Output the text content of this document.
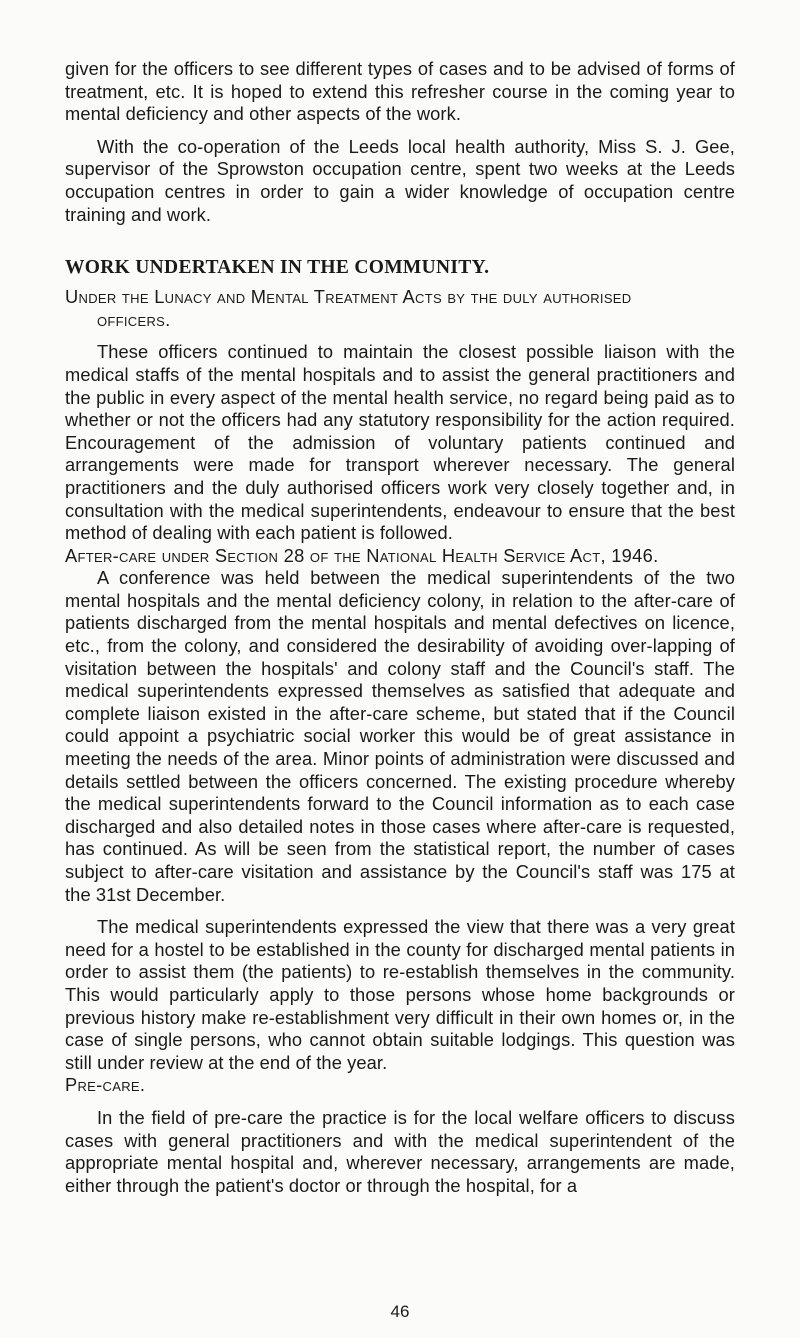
given for the officers to see different types of cases and to be advised of forms of treatment, etc. It is hoped to extend this refresher course in the coming year to mental deficiency and other aspects of the work.

With the co-operation of the Leeds local health authority, Miss S. J. Gee, supervisor of the Sprowston occupation centre, spent two weeks at the Leeds occupation centres in order to gain a wider knowledge of occupation centre training and work.

WORK UNDERTAKEN IN THE COMMUNITY.
Under the Lunacy and Mental Treatment Acts by the duly authorised
officers.

These officers continued to maintain the closest possible liaison with the medical staffs of the mental hospitals and to assist the general practitioners and the public in every aspect of the mental health service, no regard being paid as to whether or not the officers had any statutory responsibility for the action required. Encouragement of the admission of voluntary patients continued and arrangements were made for transport wherever necessary. The general practitioners and the duly authorised officers work very closely together and, in consultation with the medical superintendents, endeavour to ensure that the best method of dealing with each patient is followed.

After-care under Section 28 of the National Health Service Act, 1946.

A conference was held between the medical superintendents of the two mental hospitals and the mental deficiency colony, in relation to the after-care of patients discharged from the mental hospitals and mental defectives on licence, etc., from the colony, and considered the desirability of avoiding over-lapping of visitation between the hospitals' and colony staff and the Council's staff. The medical superintendents expressed themselves as satisfied that adequate and complete liaison existed in the after-care scheme, but stated that if the Council could appoint a psychiatric social worker this would be of great assistance in meeting the needs of the area. Minor points of administration were discussed and details settled between the officers concerned. The existing procedure whereby the medical superintendents forward to the Council information as to each case discharged and also detailed notes in those cases where after-care is requested, has continued. As will be seen from the statistical report, the number of cases subject to after-care visitation and assistance by the Council's staff was 175 at the 31st December.

The medical superintendents expressed the view that there was a very great need for a hostel to be established in the county for discharged mental patients in order to assist them (the patients) to re-establish themselves in the community. This would particularly apply to those persons whose home backgrounds or previous history make re-establishment very difficult in their own homes or, in the case of single persons, who cannot obtain suitable lodgings. This question was still under review at the end of the year.

Pre-care.

In the field of pre-care the practice is for the local welfare officers to discuss cases with general practitioners and with the medical superintendent of the appropriate mental hospital and, wherever necessary, arrangements are made, either through the patient's doctor or through the hospital, for a

46
